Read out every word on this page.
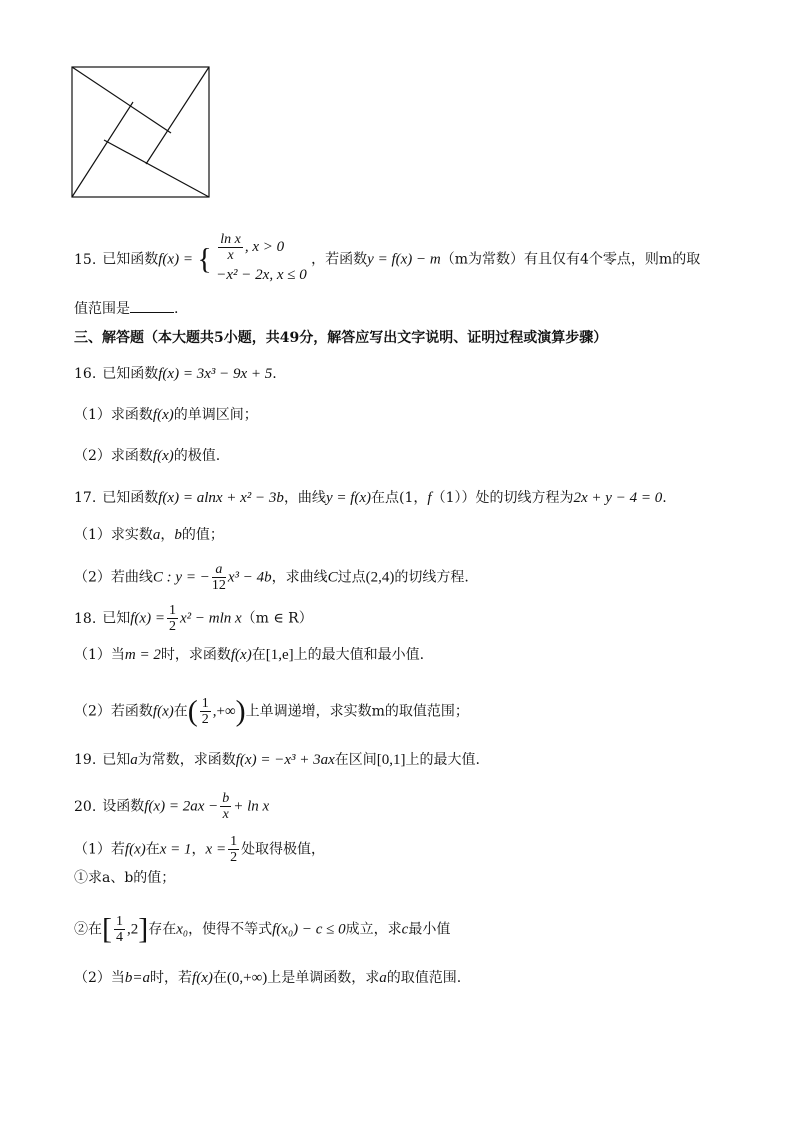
15. 已知函数f(x) = { $\frac{\text{ln x}}{x}$ , x > 0
−x² − 2x, x ≤ 0
，若函数y = f(x) − m（m为常数）有且仅有4个零点，则m的取
值范围是	.
三、解答题（本大题共5小题，共49分，解答应写出文字说明、证明过程或演算步骤）
16. 已知函数f(x) = 3x³ − 9x + 5.
（1）求函数f(x)的单调区间；
（2）求函数f(x)的极值.
17. 已知函数f(x) = alnx + x² − 3b，曲线y = f(x)在点(1，f（1））处的切线方程为2x + y − 4 = 0.
（1）求实数a，b的值；
（2）若曲线C : y = − $\frac{a}{12} x^3 - 4b$，求曲线C过点(2,4)的切线方程.
18. 已知$f(x) = \frac{1}{2} x^2 - mln$ x（m ∈ R）
（1）当m = 2时，求函数f(x)在[1,e]上的最大值和最小值.
（2）若函数f(x)在( $\frac{1}{2}$ ,+∞)上单调递增，求实数m的取值范围；
19. 已知a为常数，求函数f(x) = −x³ + 3ax在区间[0,1]上的最大值.
20. 设函数$f(x) = 2ax - \frac{b}{x} + \ln x$
（1）若f(x)在x = 1，$x = \frac{1}{2}$ 处取得极值，
①求a、b的值；
②在[ $\frac{1}{4} ,2$]存在x₀，使得不等式f(x₀) − c ≤ 0成立，求c最小值
（2）当b=a时，若f(x)在(0,+∞)上是单调函数，求a的取值范围.
